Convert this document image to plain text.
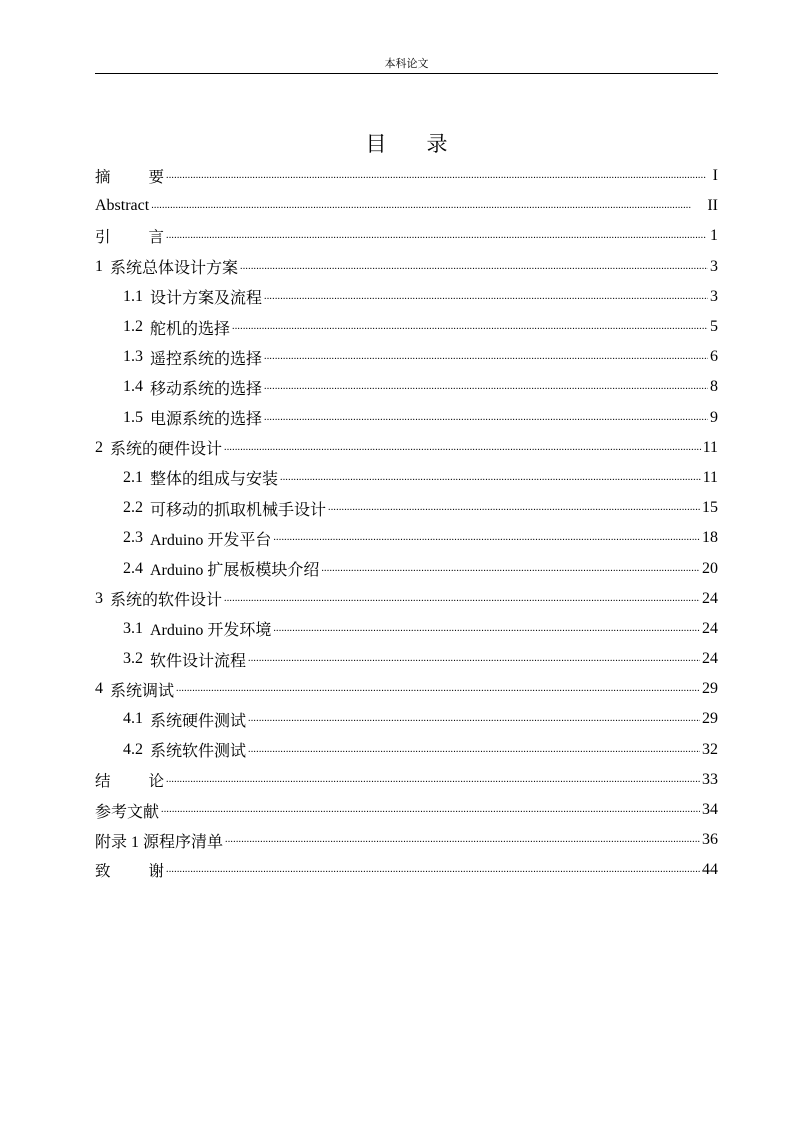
本科论文
目 录
摘 要 . . .	I
Abstract . . .	II
引 言 . . .	1
1 系统总体设计方案 . . .	3
1.1 设计方案及流程 . . .	3
1.2 舵机的选择 . . .	5
1.3 遥控系统的选择 . . .	6
1.4 移动系统的选择 . . .	8
1.5 电源系统的选择 . . .	9
2 系统的硬件设计 . . .	11
2.1 整体的组成与安装 . . .	11
2.2 可移动的抓取机械手设计 . . .	15
2.3 Arduino 开发平台 . . .	18
2.4 Arduino 扩展板模块介绍 . . .	20
3 系统的软件设计 . . .	24
3.1 Arduino 开发环境 . . .	24
3.2 软件设计流程 . . .	24
4 系统调试 . . .	29
4.1 系统硬件测试 . . .	29
4.2 系统软件测试 . . .	32
结 论 . . .	33
参考文献 . . .	34
附录 1 源程序清单 . . .	36
致 谢 . . .	44
